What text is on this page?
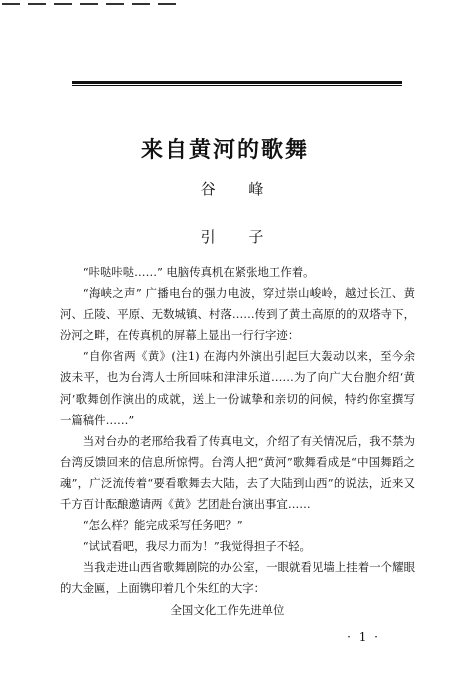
来自黄河的歌舞
谷 峰
引 子

“咔哒咔哒……” 电脑传真机在紧张地工作着。

“海峡之声” 广播电台的强力电波，穿过崇山峻岭，越过长江、黄河、丘陵、平原、无数城镇、村落……传到了黄土高原的的双塔寺下，汾河之畔，在传真机的屏幕上显出一行行字迹：

“自你省两《黄》(注1) 在海内外演出引起巨大轰动以来，至今余波未平，也为台湾人士所回味和津津乐道……为了向广大台胞介绍‘黄河’歌舞创作演出的成就，送上一份诚挚和亲切的问候，特约你室撰写一篇稿件……”

当对台办的老邢给我看了传真电文，介绍了有关情况后，我不禁为台湾反馈回来的信息所惊愕。台湾人把“黄河”歌舞看成是“中国舞蹈之魂”，广泛流传着“要看歌舞去大陆，去了大陆到山西”的说法，近来又千方百计酝酿邀请两《黄》艺团赴台演出事宜……

“怎么样？能完成采写任务吧？”

“试试看吧，我尽力而为！”我觉得担子不轻。

当我走进山西省歌舞剧院的办公室，一眼就看见墙上挂着一个耀眼的大金匾，上面镌印着几个朱红的大字：

全国文化工作先进单位

· 1 ·
